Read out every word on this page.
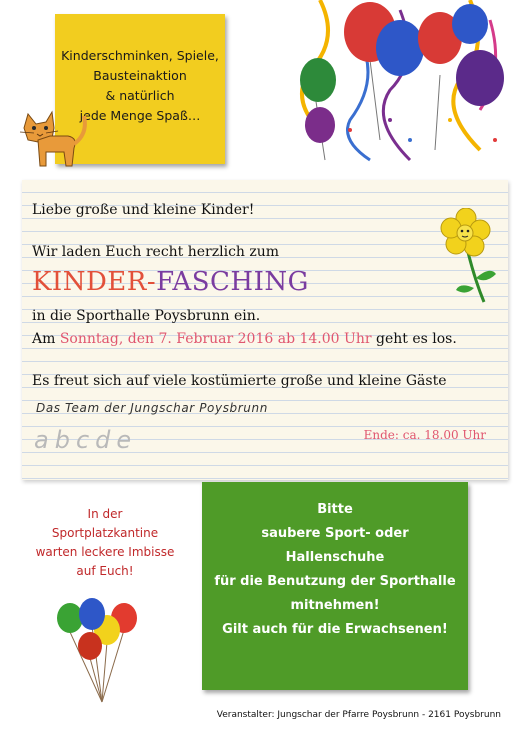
Kinderschminken, Spiele,
Bausteinaktion
& natürlich
jede Menge Spaß…
Liebe große und kleine Kinder!
Wir laden Euch recht herzlich zum
KINDER-FASCHING
in die Sporthalle Poysbrunn ein.
Am Sonntag, den 7. Februar 2016 ab 14.00 Uhr geht es los.
Es freut sich auf viele kostümierte große und kleine Gäste
Das Team der Jungschar Poysbrunn
abcde	Ende: ca. 18.00 Uhr
In der
Sportplatzkantine
warten leckere Imbisse
auf Euch!
Bitte
saubere Sport- oder
Hallenschuhe
für die Benutzung der Sporthalle
mitnehmen!
Gilt auch für die Erwachsenen!
Veranstalter: Jungschar der Pfarre Poysbrunn - 2161 Poysbrunn
